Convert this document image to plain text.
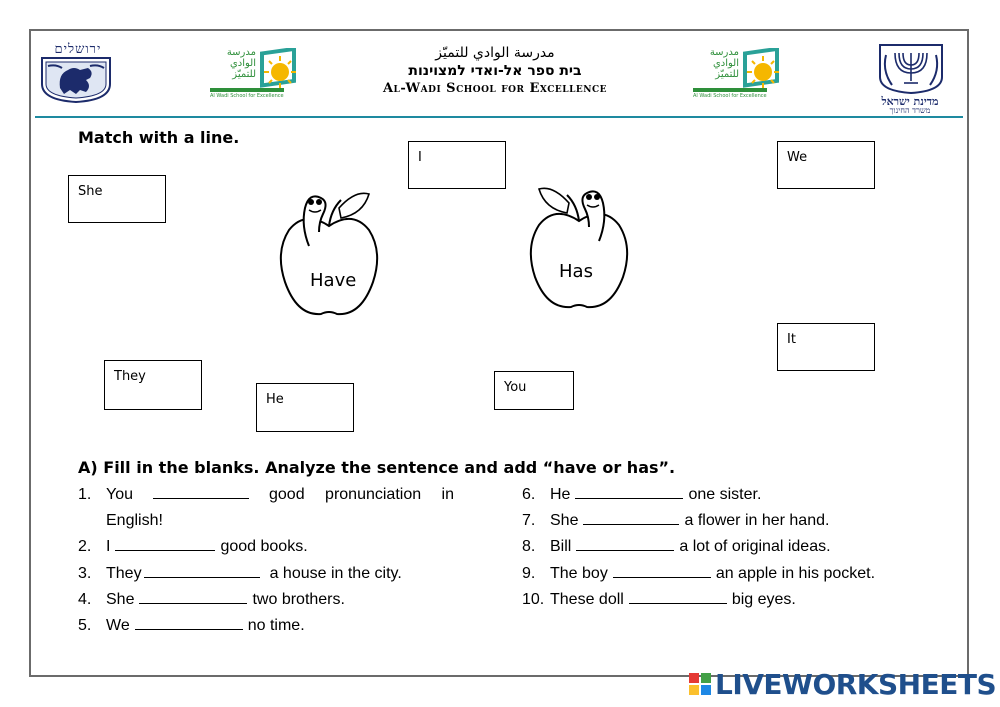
ירושלים	مدرسة الوادي للتميّز
Al Wadi School for Excellence
مدرسة الوادي للتميّز
בית ספר אל-ואדי למצוינות
Al-Wadi School for Excellence
مدرسة الوادي للتميّز
Al Wadi School for Excellence	מדינת ישראל
משרד החינוך
Match with a line.
She
I	We
It
They
He
You
Have	Has
A) Fill in the blanks. Analyze the sentence and add “have or has”.
1. You	good pronunciation in
English!
2. I	good books.
3. They	a house in the city.
4. She	two brothers.
5. We	no time.
6. He	one sister.
7. She	a flower in her hand.
8. Bill	a lot of original ideas.
9. The boy	an apple in his pocket.
10. These doll	big eyes.
LIVEWORKSHEETS
